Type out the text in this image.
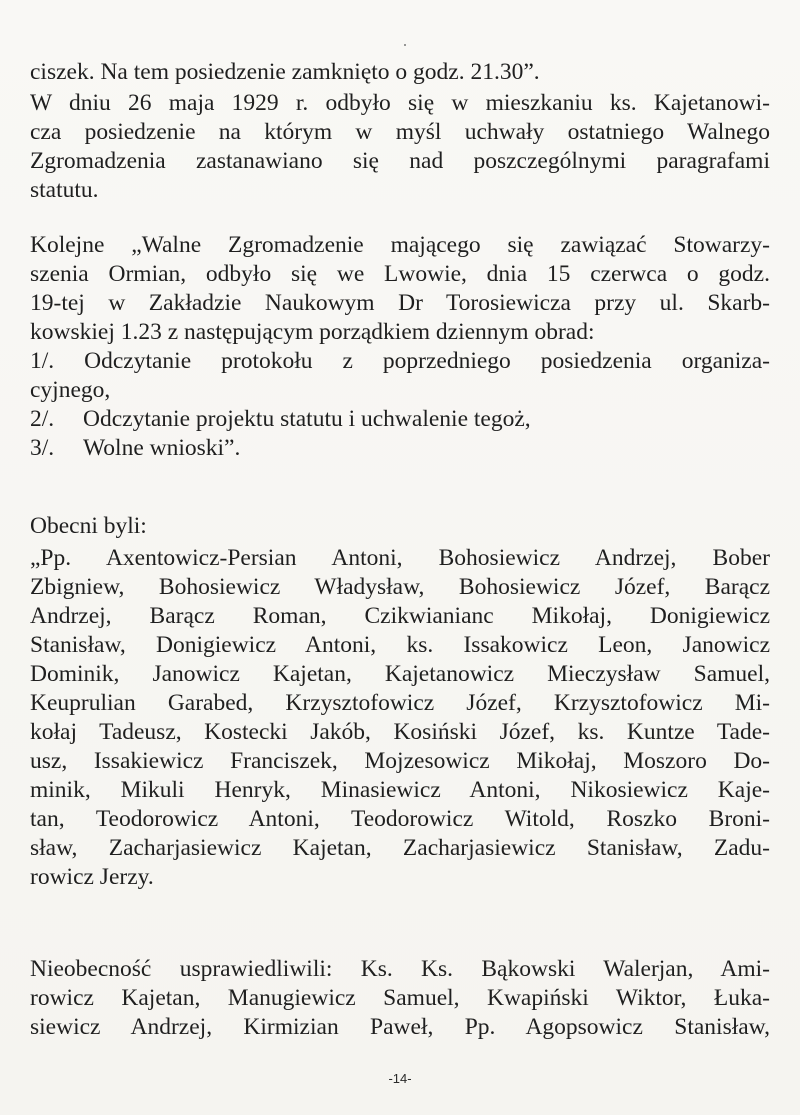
ciszek. Na tem posiedzenie zamknięto o godz. 21.30”.
W dniu 26 maja 1929 r. odbyło się w mieszkaniu ks. Kajetanowi-
cza posiedzenie na którym w myśl uchwały ostatniego Walnego
Zgromadzenia zastanawiano się nad poszczególnymi paragrafami
statutu.
Kolejne „Walne Zgromadzenie mającego się zawiązać Stowarzy-
szenia Ormian, odbyło się we Lwowie, dnia 15 czerwca o godz.
19-tej w Zakładzie Naukowym Dr Torosiewicza przy ul. Skarb-
kowskiej 1.23 z następującym porządkiem dziennym obrad:
1/. Odczytanie protokołu z poprzedniego posiedzenia organiza-
cyjnego,
2/.	Odczytanie projektu statutu i uchwalenie tegoż,
3/.	Wolne wnioski”.
Obecni byli:
„Pp. Axentowicz-Persian Antoni, Bohosiewicz Andrzej, Bober
Zbigniew, Bohosiewicz Władysław, Bohosiewicz Józef, Barącz
Andrzej, Barącz Roman, Czikwianianc Mikołaj, Donigiewicz
Stanisław, Donigiewicz Antoni, ks. Issakowicz Leon, Janowicz
Dominik, Janowicz Kajetan, Kajetanowicz Mieczysław Samuel,
Keuprulian Garabed, Krzysztofowicz Józef, Krzysztofowicz Mi-
kołaj Tadeusz, Kostecki Jakób, Kosiński Józef, ks. Kuntze Tade-
usz, Issakiewicz Franciszek, Mojzesowicz Mikołaj, Moszoro Do-
minik, Mikuli Henryk, Minasiewicz Antoni, Nikosiewicz Kaje-
tan, Teodorowicz Antoni, Teodorowicz Witold, Roszko Broni-
sław, Zacharjasiewicz Kajetan, Zacharjasiewicz Stanisław, Zadu-
rowicz Jerzy.
Nieobecność usprawiedliwili: Ks. Ks. Bąkowski Walerjan, Ami-
rowicz Kajetan, Manugiewicz Samuel, Kwapiński Wiktor, Łuka-
siewicz Andrzej, Kirmizian Paweł, Pp. Agopsowicz Stanisław,
-14-
